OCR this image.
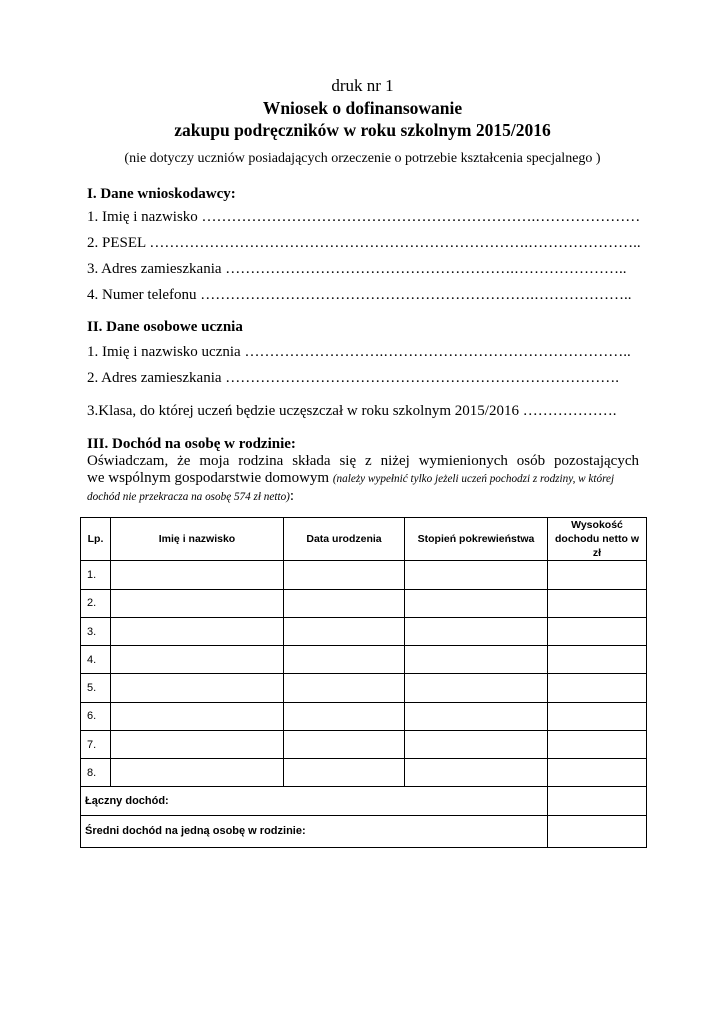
druk nr 1
Wniosek o dofinansowanie
zakupu podręczników w roku szkolnym 2015/2016
(nie dotyczy uczniów posiadających orzeczenie o potrzebie kształcenia specjalnego )
I. Dane wnioskodawcy:
1. Imię i nazwisko ………………………………………………………….…………………
2. PESEL ………………………………………………………………….…………………..
3. Adres zamieszkania ………………………………………………….…………………..
4. Numer telefonu ………………………………………………………….………………..
II. Dane osobowe ucznia
1. Imię i nazwisko ucznia ……………………….…………………………………………..
2. Adres zamieszkania …………………………………………………………………….
3.Klasa, do której uczeń będzie uczęszczał w roku szkolnym 2015/2016 ……………….
III. Dochód na osobę w rodzinie:
Oświadczam, że moja rodzina składa się z niżej wymienionych osób pozostających
we wspólnym gospodarstwie domowym (należy wypełnić tylko jeżeli uczeń pochodzi z rodziny, w której dochód nie przekracza na osobę 574 zł netto):
Lp.	Imię i nazwisko	Data urodzenia	Stopień pokrewieństwa	Wysokość dochodu netto w zł
1.				
2.				
3.				
4.				
5.				
6.				
7.				
8.				
Łączny dochód:				
Średni dochód na jedną osobę w rodzinie:				
